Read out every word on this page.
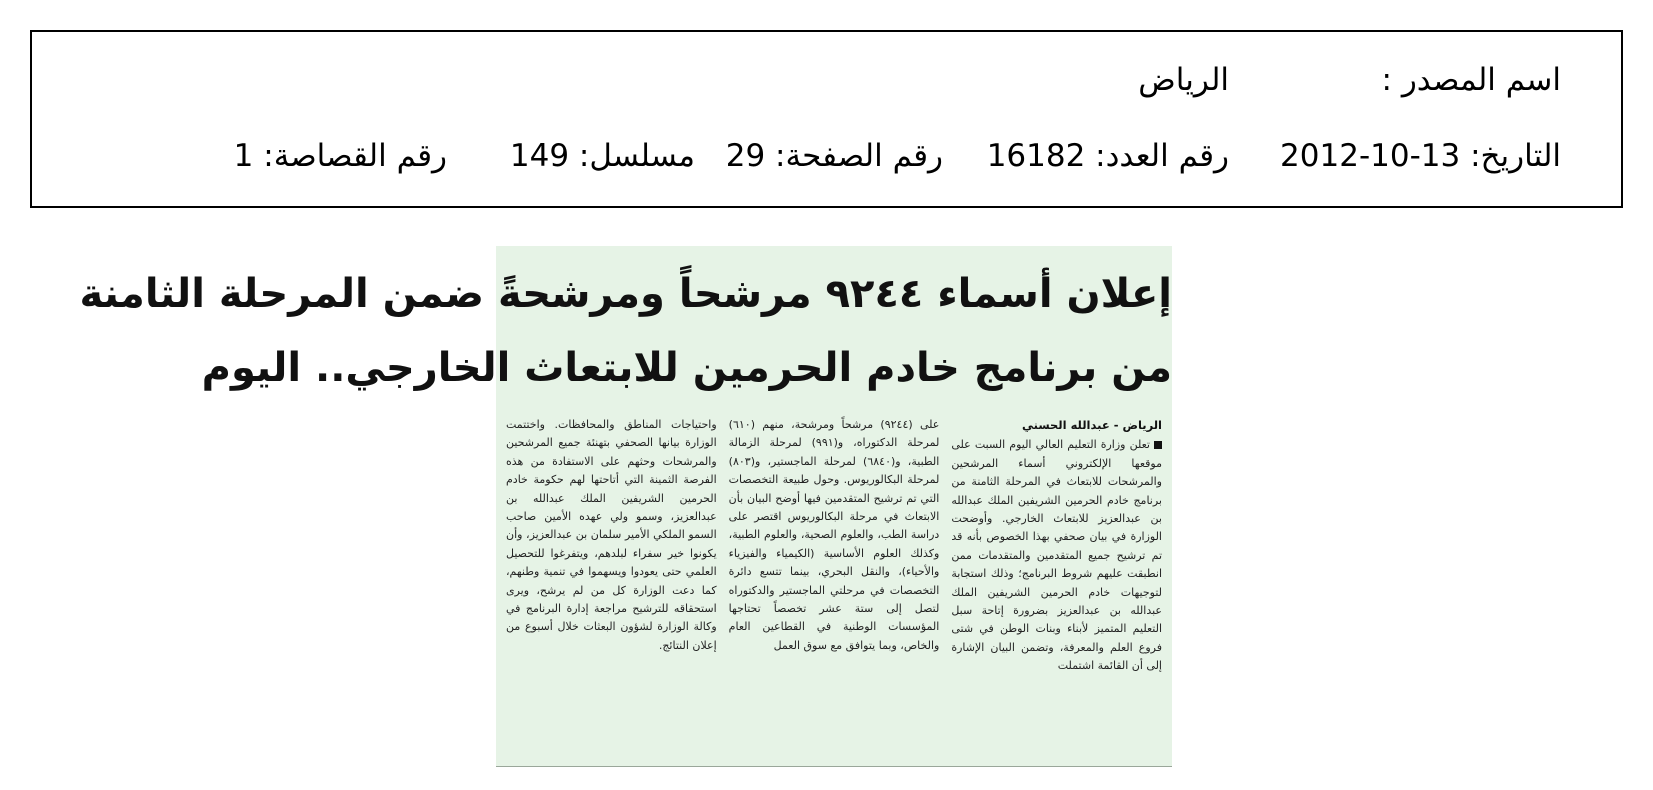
اسم المصدر :
الرياض
التاريخ: 13-10-2012
رقم العدد: 16182
رقم الصفحة: 29
مسلسل: 149
رقم القصاصة: 1
إعلان أسماء ٩٢٤٤ مرشحاً ومرشحةً ضمن المرحلة الثامنة
من برنامج خادم الحرمين للابتعاث الخارجي.. اليوم

الرياض - عبدالله الحسني

تعلن وزارة التعليم العالي اليوم السبت على موقعها الإلكتروني أسماء المرشحين والمرشحات للابتعاث في المرحلة الثامنة من برنامج خادم الحرمين الشريفين الملك عبدالله بن عبدالعزيز للابتعاث الخارجي. وأوضحت الوزارة في بيان صحفي بهذا الخصوص بأنه قد تم ترشيح جميع المتقدمين والمتقدمات ممن انطبقت عليهم شروط البرنامج؛ وذلك استجابة لتوجيهات خادم الحرمين الشريفين الملك عبدالله بن عبدالعزيز بضرورة إتاحة سبل التعليم المتميز لأبناء وبنات الوطن في شتى فروع العلم والمعرفة، وتضمن البيان الإشارة إلى أن القائمة اشتملت

على (٩٢٤٤) مرشحاً ومرشحة، منهم (٦١٠) لمرحلة الدكتوراه، و(٩٩١) لمرحلة الزمالة الطبية، و(٦٨٤٠) لمرحلة الماجستير، و(٨٠٣) لمرحلة البكالوريوس. وحول طبيعة التخصصات التي تم ترشيح المتقدمين فيها أوضح البيان بأن الابتعاث في مرحلة البكالوريوس اقتصر على دراسة الطب، والعلوم الصحية، والعلوم الطبية، وكذلك العلوم الأساسية (الكيمياء والفيزياء والأحياء)، والنقل البحري، بينما تتسع دائرة التخصصات في مرحلتي الماجستير والدكتوراه لتصل إلى ستة عشر تخصصاً تحتاجها المؤسسات الوطنية في القطاعين العام والخاص، وبما يتوافق مع سوق العمل

واحتياجات المناطق والمحافظات. واختتمت الوزارة بيانها الصحفي بتهنئة جميع المرشحين والمرشحات وحثهم على الاستفادة من هذه الفرصة الثمينة التي أتاحتها لهم حكومة خادم الحرمين الشريفين الملك عبدالله بن عبدالعزيز، وسمو ولي عهده الأمين صاحب السمو الملكي الأمير سلمان بن عبدالعزيز، وأن يكونوا خير سفراء لبلدهم، ويتفرغوا للتحصيل العلمي حتى يعودوا ويسهموا في تنمية وطنهم، كما دعت الوزارة كل من لم يرشح، ويرى استحقاقه للترشيح مراجعة إدارة البرنامج في وكالة الوزارة لشؤون البعثات خلال أسبوع من إعلان النتائج.
